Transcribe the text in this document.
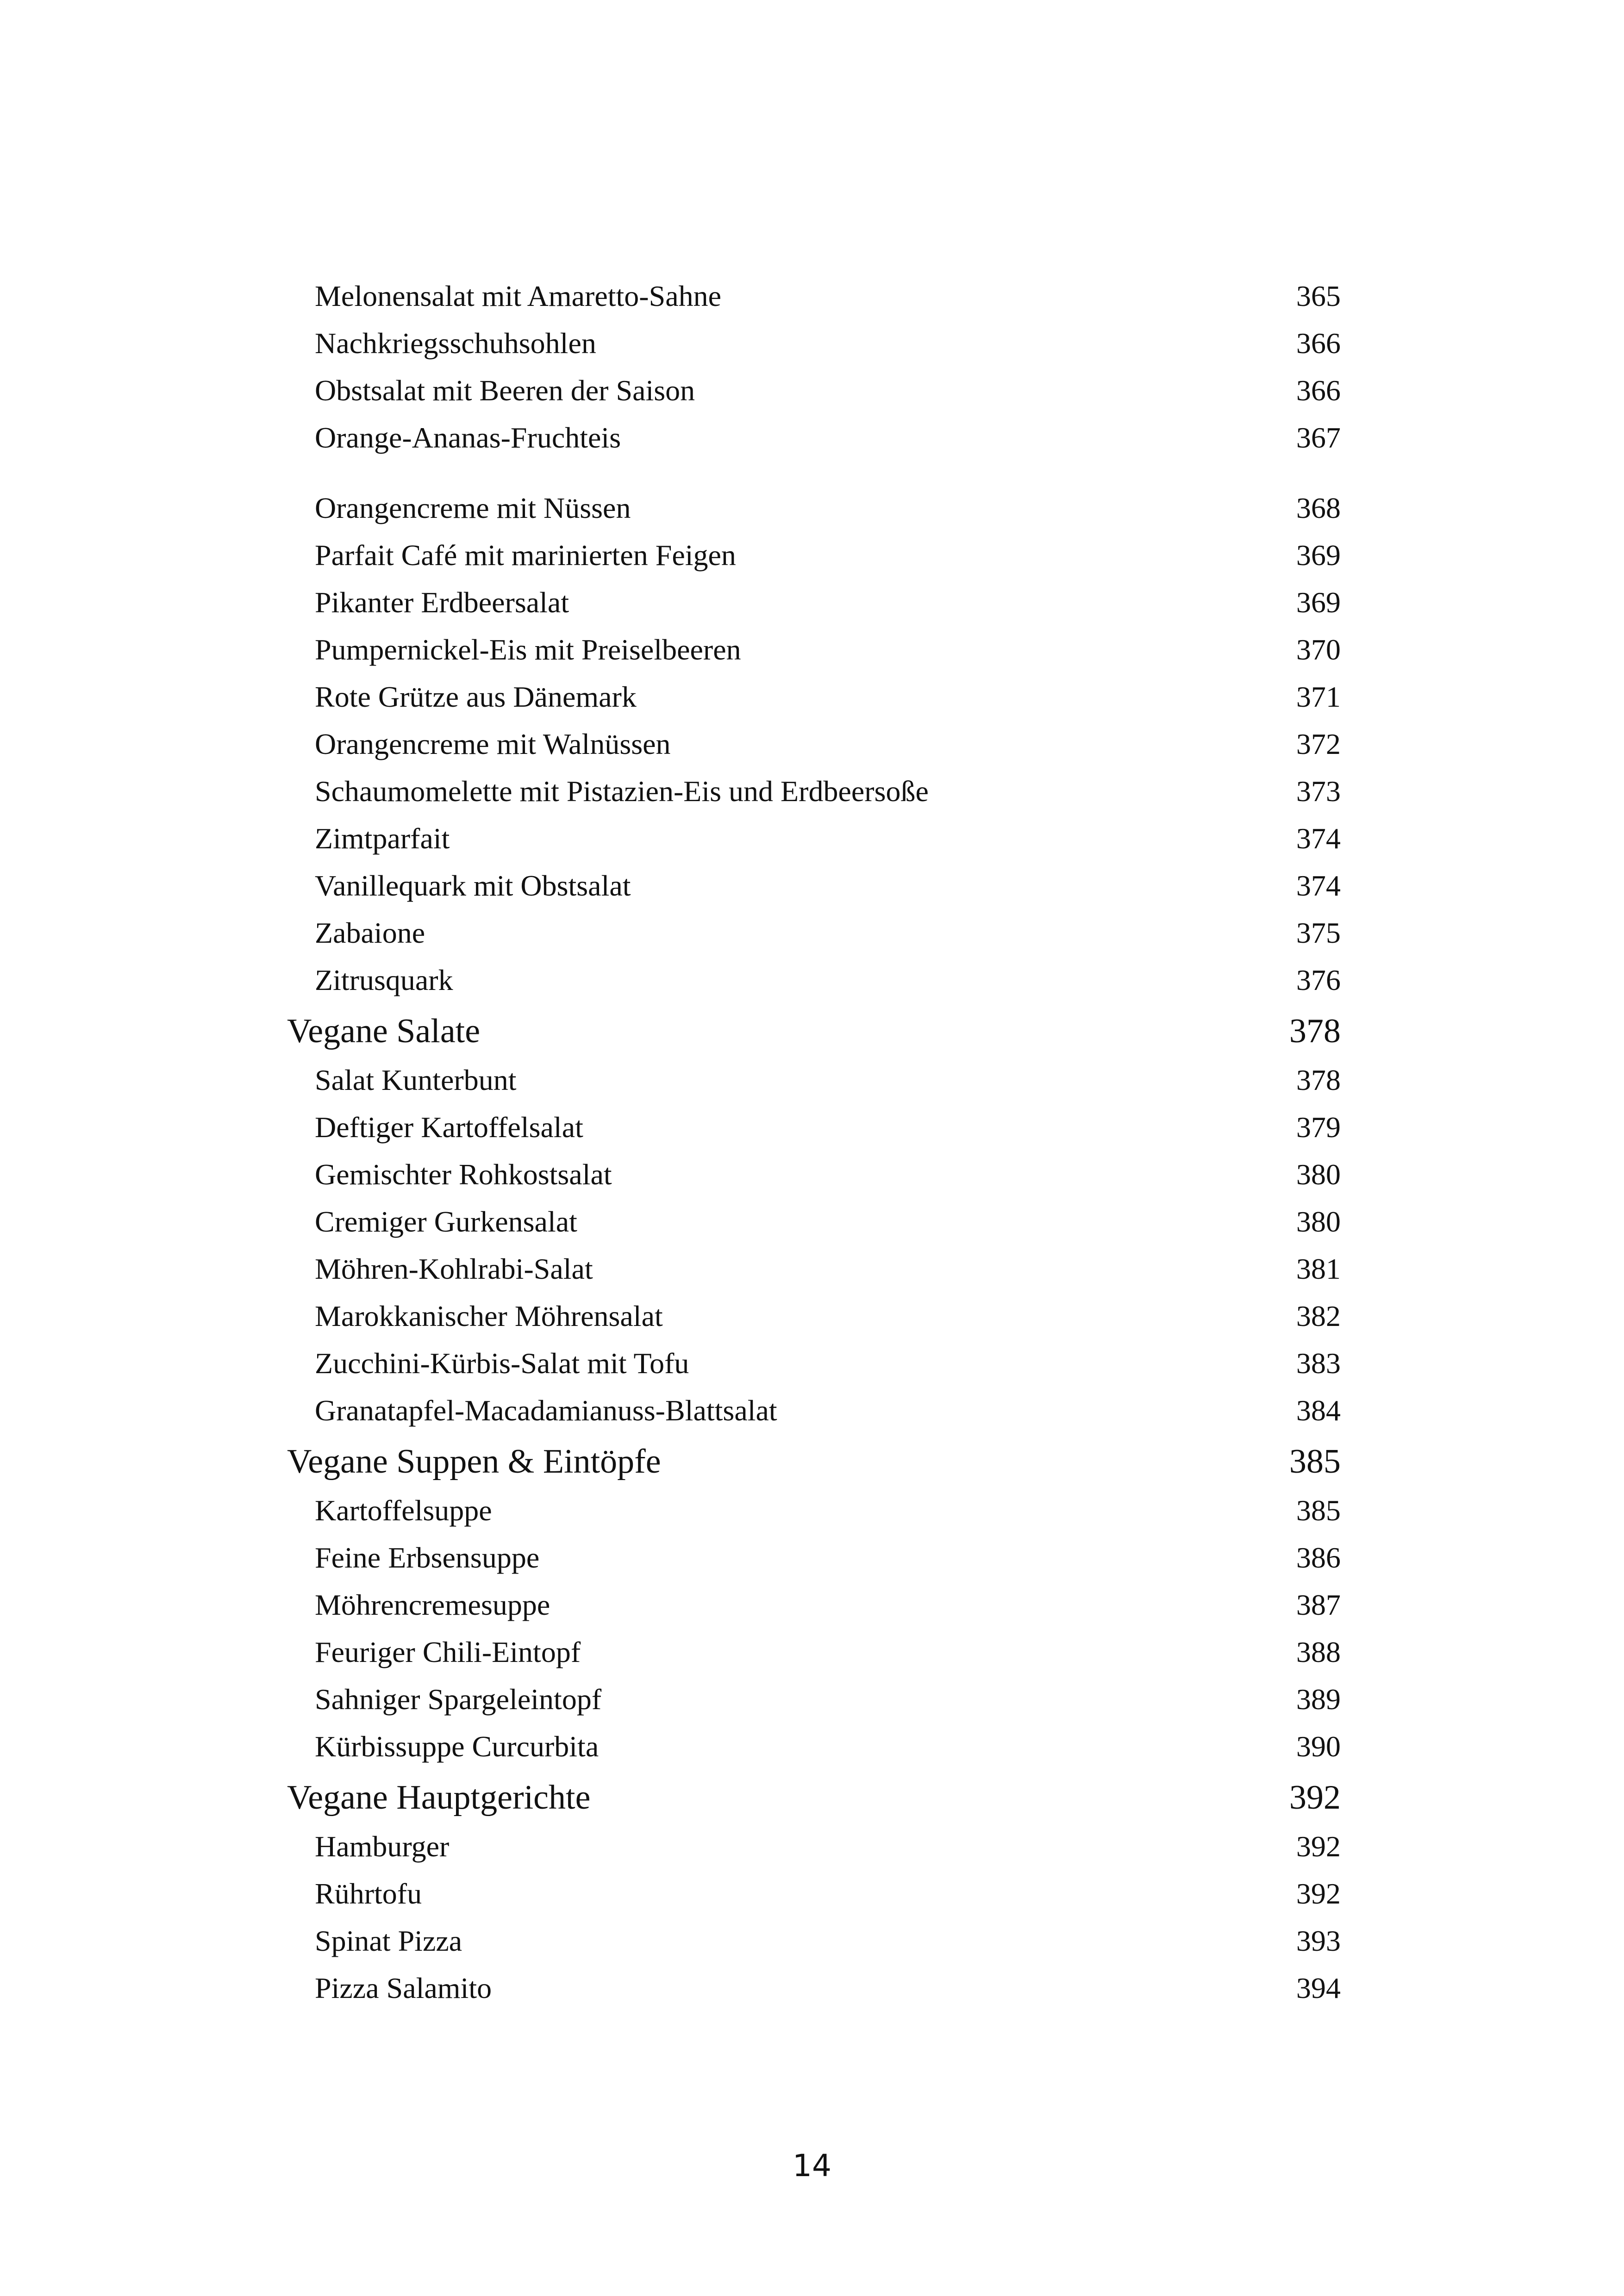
Melonensalat mit Amaretto-Sahne	365
Nachkriegsschuhsohlen	366
Obstsalat mit Beeren der Saison	366
Orange-Ananas-Fruchteis	367
Orangencreme mit Nüssen	368
Parfait Café mit marinierten Feigen	369
Pikanter Erdbeersalat	369
Pumpernickel-Eis mit Preiselbeeren	370
Rote Grütze aus Dänemark	371
Orangencreme mit Walnüssen	372
Schaumomelette mit Pistazien-Eis und Erdbeersoße	373
Zimtparfait	374
Vanillequark mit Obstsalat	374
Zabaione	375
Zitrusquark	376
Vegane Salate	378
Salat Kunterbunt	378
Deftiger Kartoffelsalat	379
Gemischter Rohkostsalat	380
Cremiger Gurkensalat	380
Möhren-Kohlrabi-Salat	381
Marokkanischer Möhrensalat	382
Zucchini-Kürbis-Salat mit Tofu	383
Granatapfel-Macadamianuss-Blattsalat	384
Vegane Suppen & Eintöpfe	385
Kartoffelsuppe	385
Feine Erbsensuppe	386
Möhrencremesuppe	387
Feuriger Chili-Eintopf	388
Sahniger Spargeleintopf	389
Kürbissuppe Curcurbita	390
Vegane Hauptgerichte	392
Hamburger	392
Rührtofu	392
Spinat Pizza	393
Pizza Salamito	394
14
